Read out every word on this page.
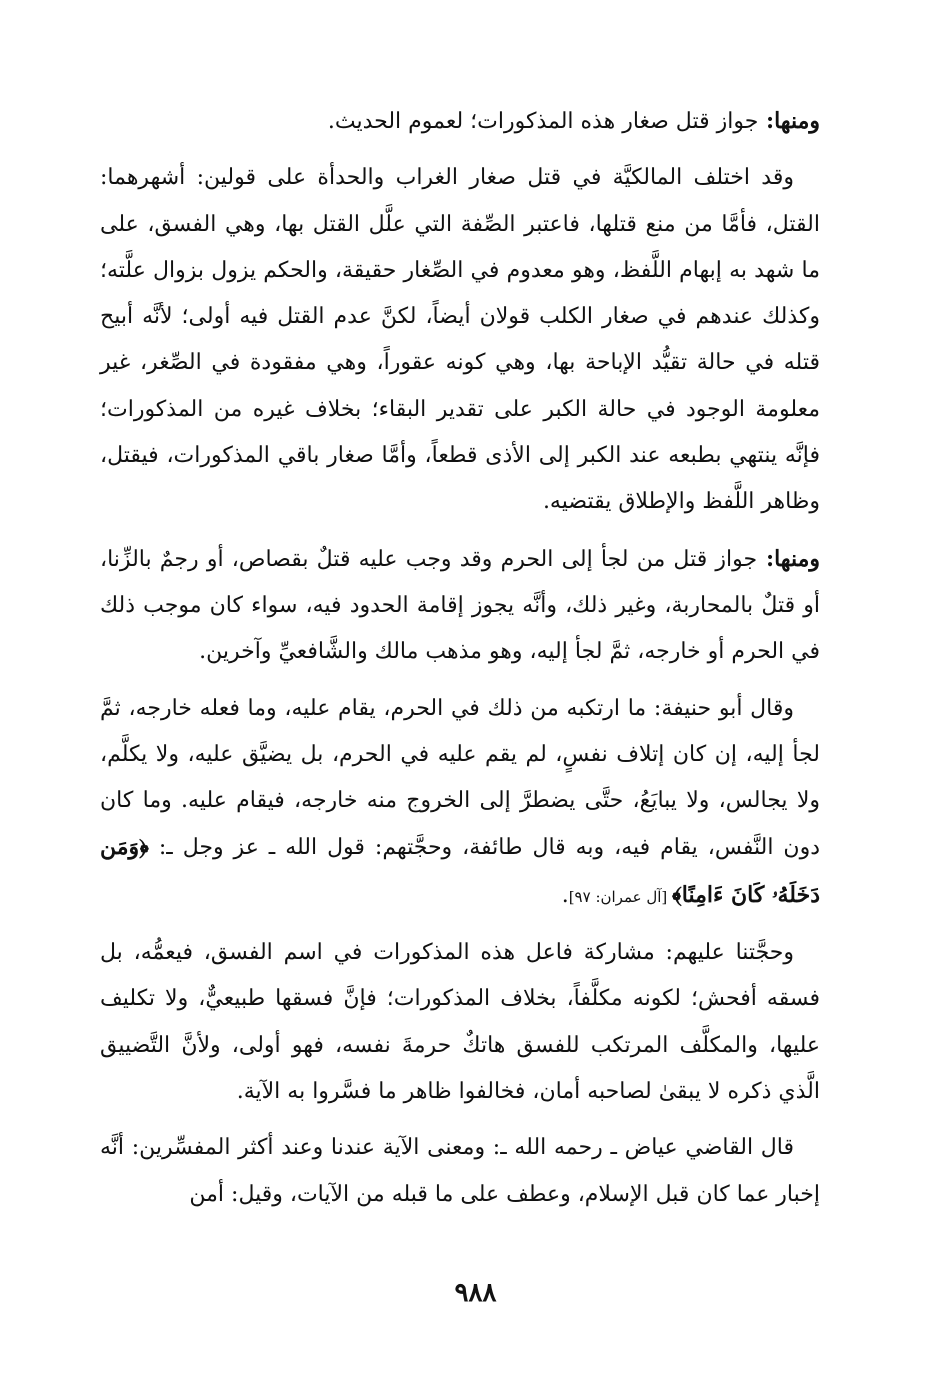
ومنها: جواز قتل صغار هذه المذكورات؛ لعموم الحديث.

وقد اختلف المالكيَّة في قتل صغار الغراب والحدأة على قولين: أشهرهما: القتل، فأمَّا من منع قتلها، فاعتبر الصِّفة التي علَّل القتل بها، وهي الفسق، على ما شهد به إبهام اللَّفظ، وهو معدوم في الصِّغار حقيقة، والحكم يزول بزوال علَّته؛ وكذلك عندهم في صغار الكلب قولان أيضاً، لكنَّ عدم القتل فيه أولى؛ لأنَّه أبيح قتله في حالة تقيُّد الإباحة بها، وهي كونه عقوراً، وهي مفقودة في الصِّغر، غير معلومة الوجود في حالة الكبر على تقدير البقاء؛ بخلاف غيره من المذكورات؛ فإنَّه ينتهي بطبعه عند الكبر إلى الأذى قطعاً، وأمَّا صغار باقي المذكورات، فيقتل، وظاهر اللَّفظ والإطلاق يقتضيه.

ومنها: جواز قتل من لجأ إلى الحرم وقد وجب عليه قتلٌ بقصاص، أو رجمٌ بالزِّنا، أو قتلٌ بالمحاربة، وغير ذلك، وأنَّه يجوز إقامة الحدود فيه، سواء كان موجب ذلك في الحرم أو خارجه، ثمَّ لجأ إليه، وهو مذهب مالك والشَّافعيِّ وآخرين.

وقال أبو حنيفة: ما ارتكبه من ذلك في الحرم، يقام عليه، وما فعله خارجه، ثمَّ لجأ إليه، إن كان إتلاف نفسٍ، لم يقم عليه في الحرم، بل يضيَّق عليه، ولا يكلَّم، ولا يجالس، ولا يبايَعُ، حتَّى يضطرَّ إلى الخروج منه خارجه، فيقام عليه. وما كان دون النَّفس، يقام فيه، وبه قال طائفة، وحجَّتهم: قول الله ـ عز وجل ـ: ﴿وَمَن دَخَلَهُۥ كَانَ ءَامِنًا﴾ [آل عمران: ٩٧].

وحجَّتنا عليهم: مشاركة فاعل هذه المذكورات في اسم الفسق، فيعمُّه، بل فسقه أفحش؛ لكونه مكلَّفاً، بخلاف المذكورات؛ فإنَّ فسقها طبيعيٌّ، ولا تكليف عليها، والمكلَّف المرتكب للفسق هاتكٌ حرمةَ نفسه، فهو أولى، ولأنَّ التَّضييق الَّذي ذكره لا يبقىٰ لصاحبه أمان، فخالفوا ظاهر ما فسَّروا به الآية.

قال القاضي عياض ـ رحمه الله ـ: ومعنى الآية عندنا وعند أكثر المفسِّرين: أنَّه إخبار عما كان قبل الإسلام، وعطف على ما قبله من الآيات، وقيل: أمن

٩٨٨
